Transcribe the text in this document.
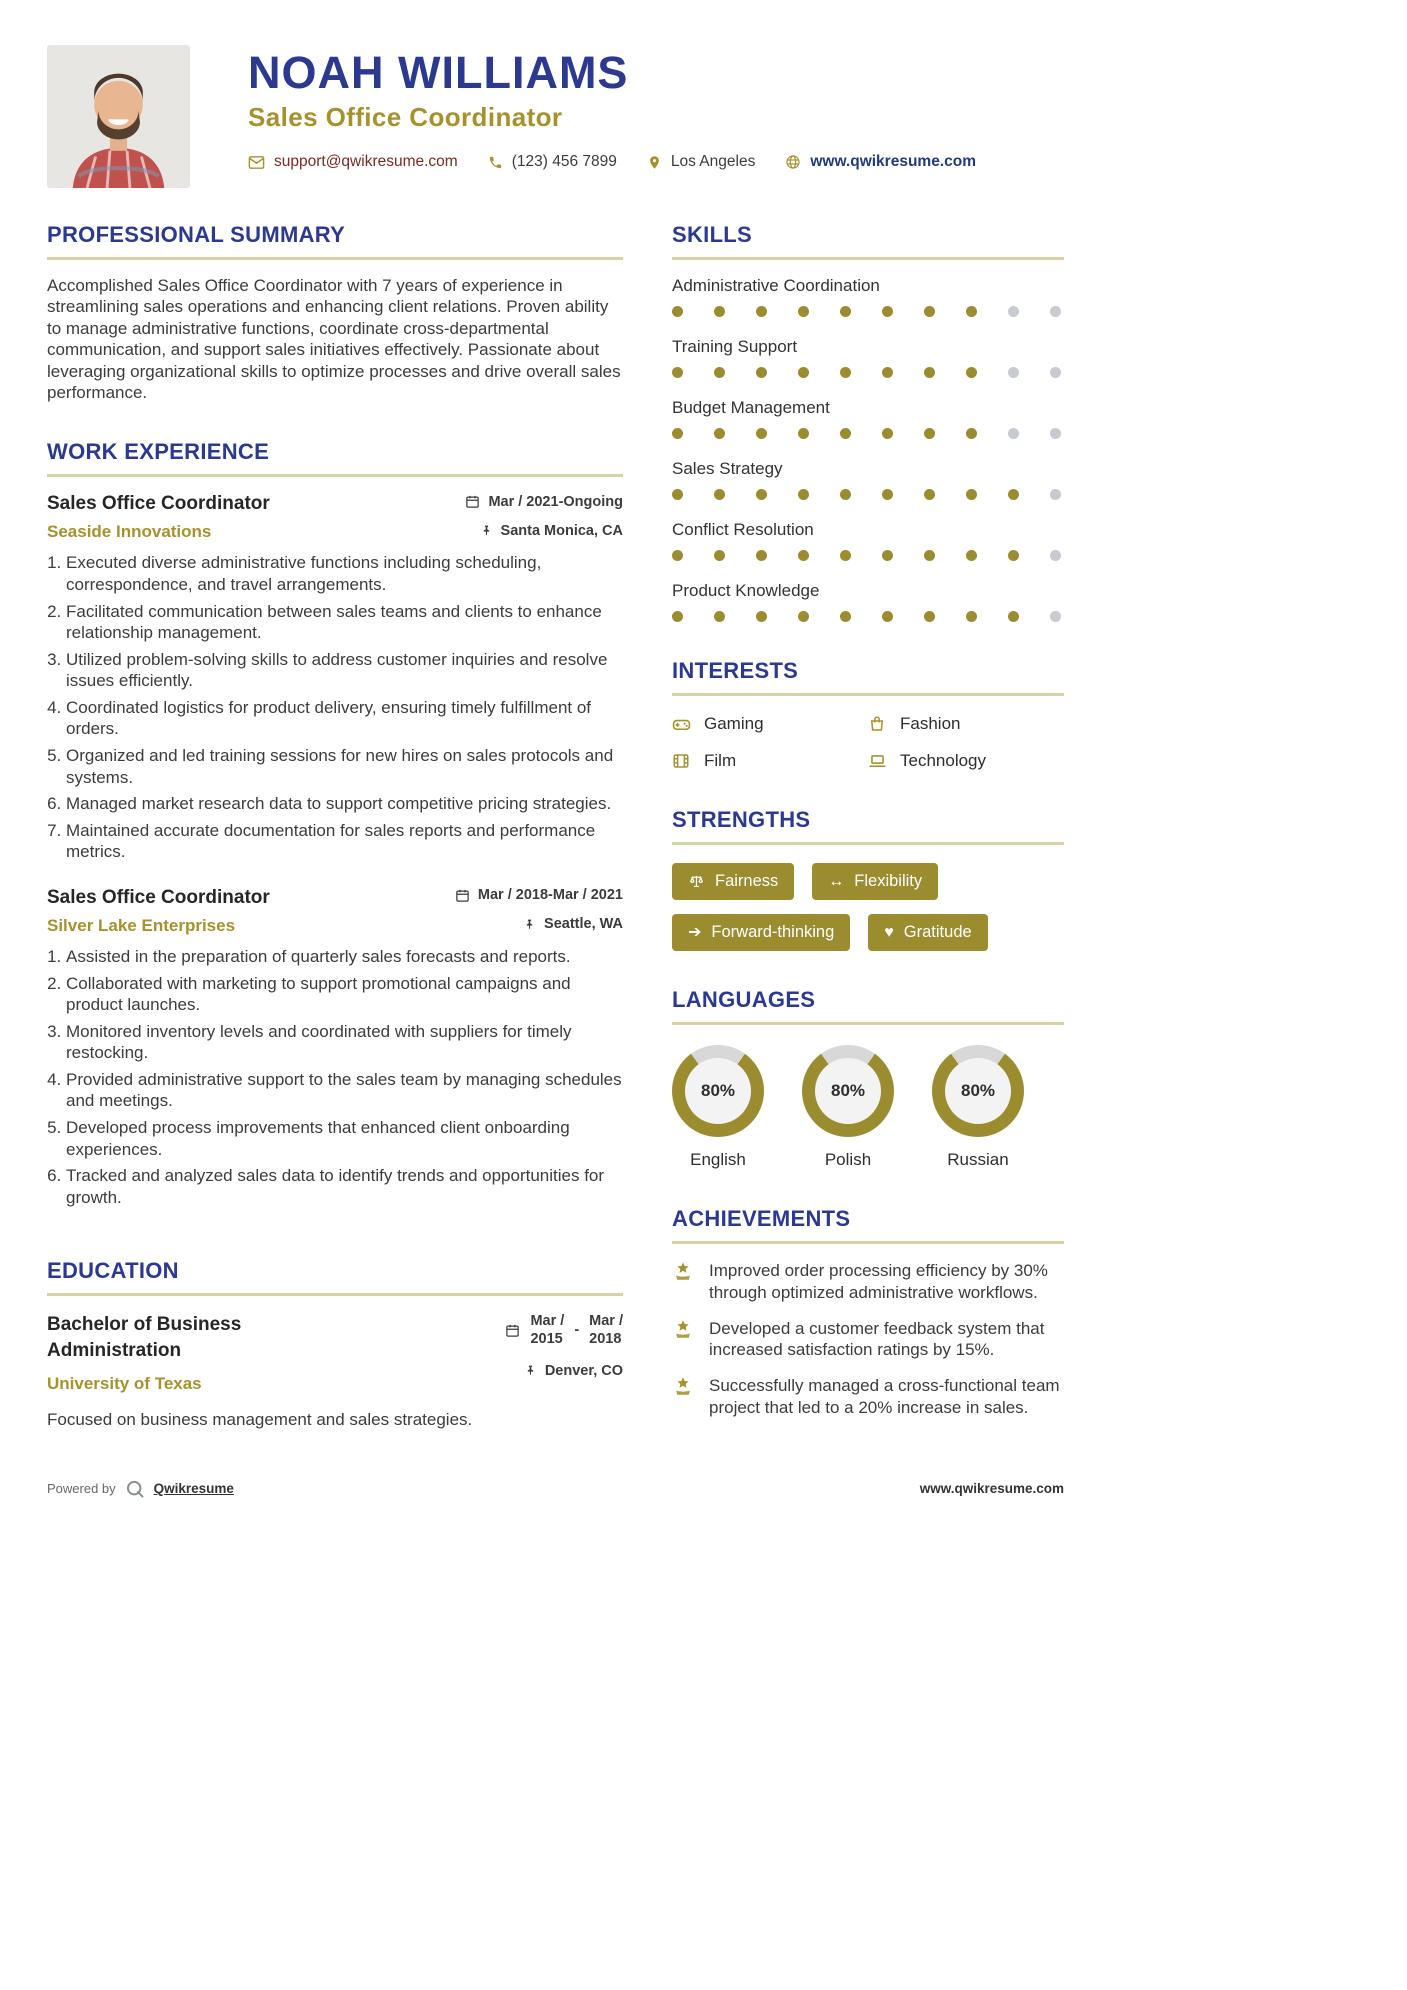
NOAH WILLIAMS
Sales Office Coordinator
support@qwikresume.com	(123) 456 7899	Los Angeles	www.qwikresume.com
PROFESSIONAL SUMMARY

Accomplished Sales Office Coordinator with 7 years of experience in streamlining sales operations and enhancing client relations. Proven ability to manage administrative functions, coordinate cross-departmental communication, and support sales initiatives effectively. Passionate about leveraging organizational skills to optimize processes and drive overall sales performance.

WORK EXPERIENCE
Sales Office Coordinator	Mar / 2021-Ongoing
Seaside Innovations	Santa Monica, CA
1. Executed diverse administrative functions including scheduling, correspondence, and travel arrangements.
2. Facilitated communication between sales teams and clients to enhance relationship management.
3. Utilized problem-solving skills to address customer inquiries and resolve issues efficiently.
4. Coordinated logistics for product delivery, ensuring timely fulfillment of orders.
5. Organized and led training sessions for new hires on sales protocols and systems.
6. Managed market research data to support competitive pricing strategies.
7. Maintained accurate documentation for sales reports and performance metrics.
Sales Office Coordinator	Mar / 2018-Mar / 2021
Silver Lake Enterprises	Seattle, WA
1. Assisted in the preparation of quarterly sales forecasts and reports.
2. Collaborated with marketing to support promotional campaigns and product launches.
3. Monitored inventory levels and coordinated with suppliers for timely restocking.
4. Provided administrative support to the sales team by managing schedules and meetings.
5. Developed process improvements that enhanced client onboarding experiences.
6. Tracked and analyzed sales data to identify trends and opportunities for growth.
EDUCATION
Bachelor of Business Administration
University of Texas
Mar /
2015
-
Mar /
2018
Denver, CO
Focused on business management and sales strategies.
SKILLS
Administrative Coordination
Training Support
Budget Management
Sales Strategy
Conflict Resolution
Product Knowledge
INTERESTS
Gaming	Fashion
Film	Technology
STRENGTHS
Fairness	↔ Flexibility
➔ Forward-thinking	♥ Gratitude
LANGUAGES
80%
English
80%
Polish
80%
Russian
ACHIEVEMENTS
Improved order processing efficiency by 30% through optimized administrative workflows.
Developed a customer feedback system that increased satisfaction ratings by 15%.
Successfully managed a cross-functional team project that led to a 20% increase in sales.
Powered by	Qwikresume	www.qwikresume.com
